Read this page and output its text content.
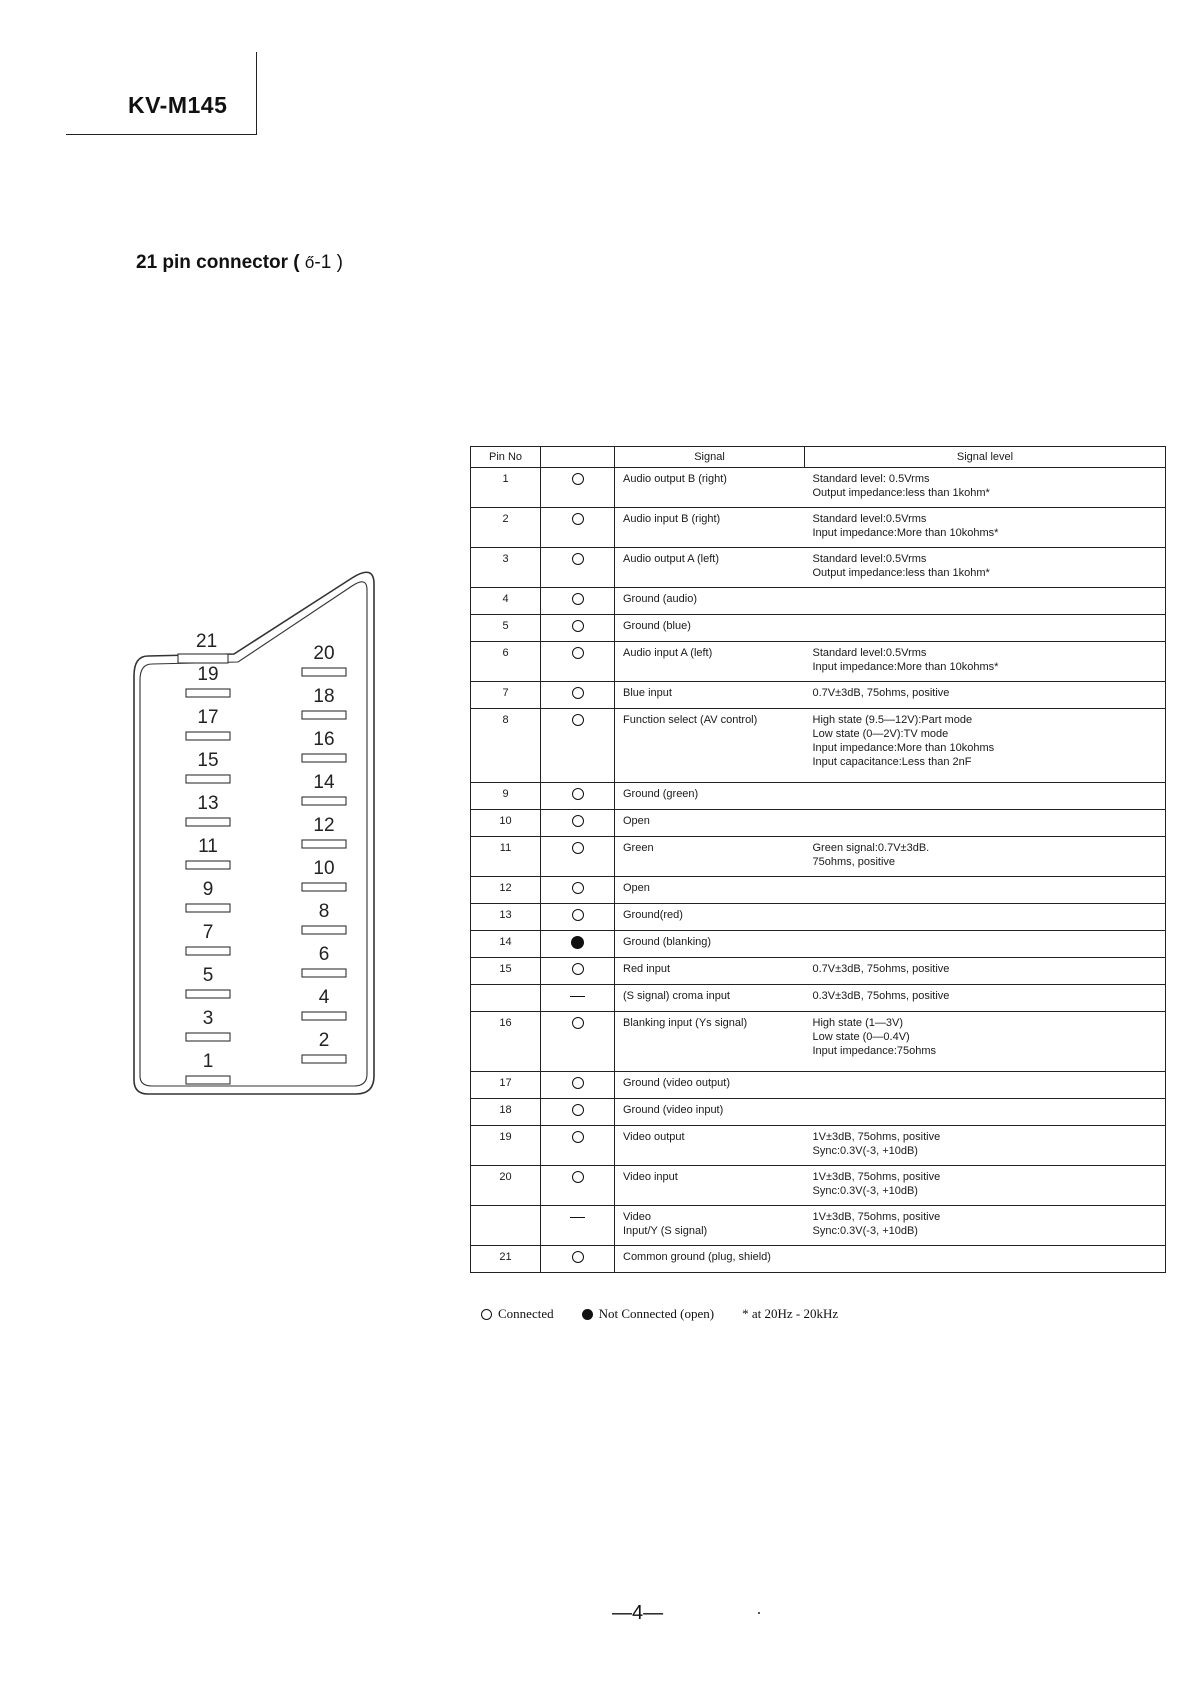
KV-M145
21 pin connector ( ő-1 )
21
19
17
15
13
11
9
7
5
3
1
20
18
16
14
12
10
8
6
4
2
Pin No		Signal	Signal level
1		Audio output B (right)	Standard level: 0.5Vrms
Output impedance:less than 1kohm*
2		Audio input B (right)	Standard level:0.5Vrms
Input impedance:More than 10kohms*
3		Audio output A (left)	Standard level:0.5Vrms
Output impedance:less than 1kohm*
4		Ground (audio)	
5		Ground (blue)	
6		Audio input A (left)	Standard level:0.5Vrms
Input impedance:More than 10kohms*
7		Blue input	0.7V±3dB, 75ohms, positive
8		Function select (AV control)	High state (9.5—12V):Part mode
Low state (0—2V):TV mode
Input impedance:More than 10kohms
Input capacitance:Less than 2nF
9		Ground (green)	
10		Open	
11		Green	Green signal:0.7V±3dB.
75ohms, positive
12		Open	
13		Ground(red)	
14		Ground (blanking)	
15		Red input	0.7V±3dB, 75ohms, positive
		(S signal) croma input	0.3V±3dB, 75ohms, positive
16		Blanking input (Ys signal)	High state (1—3V)
Low state (0—0.4V)
Input impedance:75ohms
17		Ground (video output)	
18		Ground (video input)	
19		Video output	1V±3dB, 75ohms, positive
Sync:0.3V(-3, +10dB)
20		Video input	1V±3dB, 75ohms, positive
Sync:0.3V(-3, +10dB)
		Video
Input/Y (S signal)	1V±3dB, 75ohms, positive
Sync:0.3V(-3, +10dB)
21		Common ground (plug, shield)	
Connected	Not Connected (open) * at 20Hz - 20kHz
—4—
